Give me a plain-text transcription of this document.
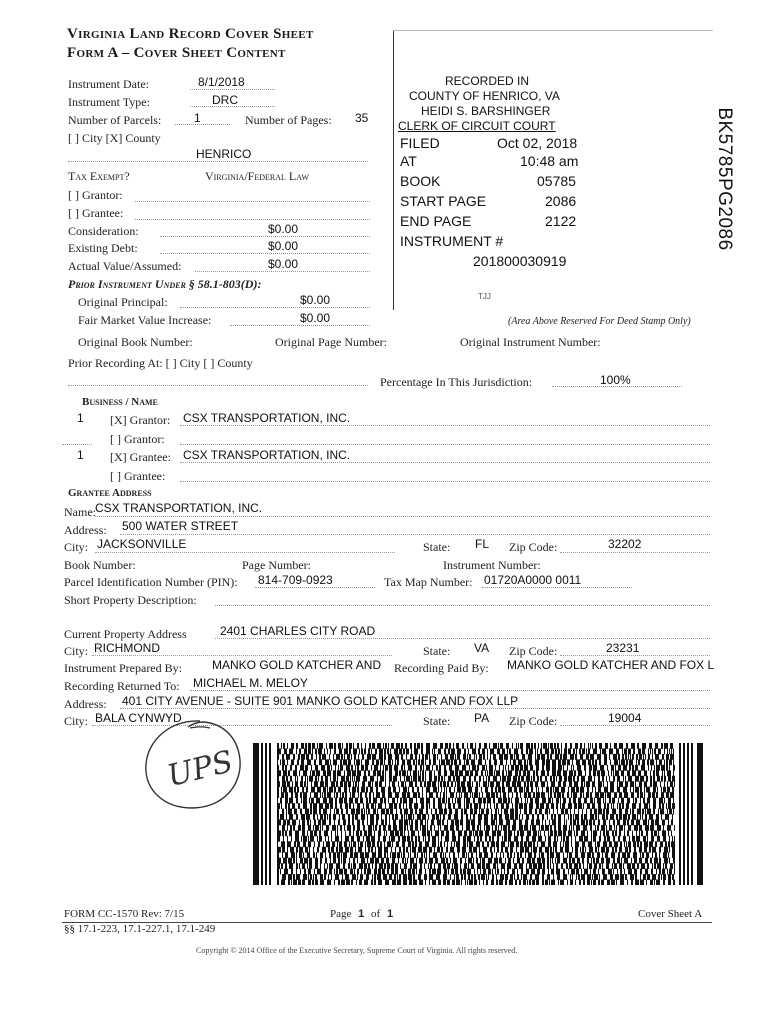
Virginia Land Record Cover Sheet
Form A – Cover Sheet Content
RECORDED IN
COUNTY OF HENRICO, VA
HEIDI S. BARSHINGER
CLERK OF CIRCUIT COURT
FILED	Oct 02, 2018
AT	10:48 am
BOOK	05785
START PAGE	2086
END PAGE	2122
INSTRUMENT #
201800030919
TJJ
BK5785PG2086
(Area Above Reserved For Deed Stamp Only)
Instrument Date:	8/1/2018
Instrument Type:	DRC
Number of Parcels:	1	Number of Pages: 35
[ ] City [X] County
HENRICO
Tax Exempt?	Virginia/Federal Law
[ ] Grantor:
[ ] Grantee:
Consideration:	$0.00
Existing Debt:	$0.00
Actual Value/Assumed:	$0.00
Prior Instrument Under § 58.1-803(D):
Original Principal:	$0.00
Fair Market Value Increase:	$0.00
Original Book Number:	Original Page Number:	Original Instrument Number:
Prior Recording At: [ ] City [ ] County
Percentage In This Jurisdiction:	100%
Business / Name
1 [X] Grantor: CSX TRANSPORTATION, INC.
[ ] Grantor:
1 [X] Grantee: CSX TRANSPORTATION, INC.
[ ] Grantee:
Grantee Address
Name: CSX TRANSPORTATION, INC.
Address: 500 WATER STREET
City: JACKSONVILLE	State: FL Zip Code:	32202
Book Number:	Page Number:	Instrument Number:
Parcel Identification Number (PIN): 814-709-0923	Tax Map Number: 01720A0000 0011
Short Property Description:
Current Property Address	2401 CHARLES CITY ROAD
City: RICHMOND	State: VA Zip Code:	23231
Instrument Prepared By:	MANKO GOLD KATCHER AND	Recording Paid By: MANKO GOLD KATCHER AND FOX L
Recording Returned To: MICHAEL M. MELOY
Address: 401 CITY AVENUE - SUITE 901 MANKO GOLD KATCHER AND FOX LLP
City: BALA CYNWYD	State: PA Zip Code:	19004
UPS
FORM CC-1570 Rev: 7/15	Page 1 of 1	Cover Sheet A
§§ 17.1-223, 17.1-227.1, 17.1-249
Copyright © 2014 Office of the Executive Secretary, Supreme Court of Virginia. All rights reserved.
